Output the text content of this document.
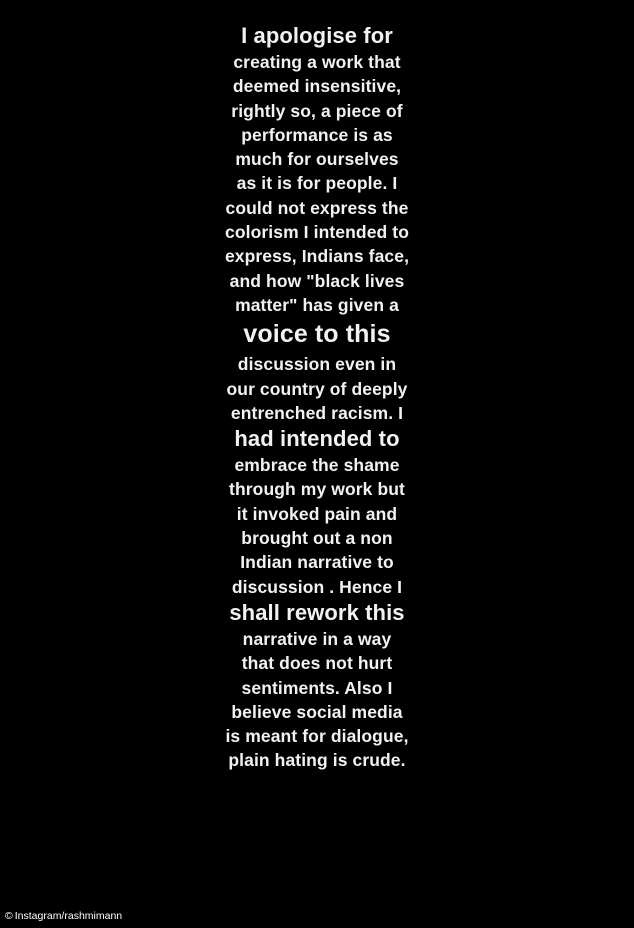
I apologise for
creating a work that
deemed insensitive,
rightly so, a piece of
performance is as
much for ourselves
as it is for people. I
could not express the
colorism I intended to
express, Indians face,
and how "black lives
matter" has given a
voice to this
discussion even in
our country of deeply
entrenched racism. I
had intended to
embrace the shame
through my work but
it invoked pain and
brought out a non
Indian narrative to
discussion . Hence I
shall rework this
narrative in a way
that does not hurt
sentiments. Also I
believe social media
is meant for dialogue,
plain hating is crude.
© Instagram/rashmimann
